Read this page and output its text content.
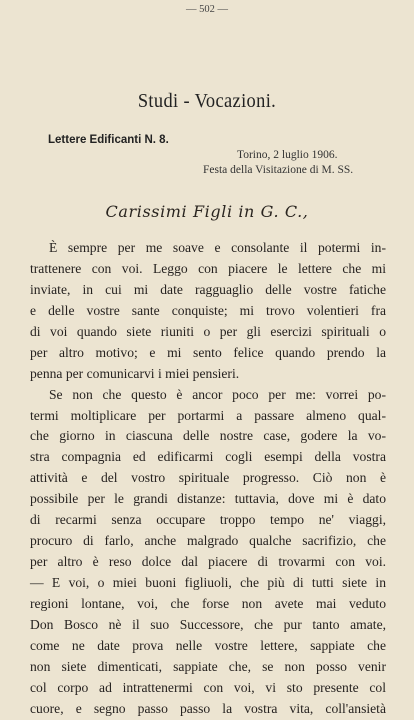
— 502 —
Studi - Vocazioni.
Lettere Edificanti N. 8.
Torino, 2 luglio 1906.
Festa della Visitazione di M. SS.
Carissimi Figli in G. C.,
È sempre per me soave e consolante il potermi in-
trattenere con voi. Leggo con piacere le lettere che mi
inviate, in cui mi date ragguaglio delle vostre fatiche
e delle vostre sante conquiste; mi trovo volentieri fra
di voi quando siete riuniti o per gli esercizi spirituali o
per altro motivo; e mi sento felice quando prendo la
penna per comunicarvi i miei pensieri.
Se non che questo è ancor poco per me: vorrei po-
termi moltiplicare per portarmi a passare almeno qual-
che giorno in ciascuna delle nostre case, godere la vo-
stra compagnia ed edificarmi cogli esempi della vostra
attività e del vostro spirituale progresso. Ciò non è
possibile per le grandi distanze: tuttavia, dove mi è dato
di recarmi senza occupare troppo tempo ne' viaggi,
procuro di farlo, anche malgrado qualche sacrifizio, che
per altro è reso dolce dal piacere di trovarmi con voi.
— E voi, o miei buoni figliuoli, che più di tutti siete in
regioni lontane, voi, che forse non avete mai veduto
Don Bosco nè il suo Successore, che pur tanto amate,
come ne date prova nelle vostre lettere, sappiate che
non siete dimenticati, sappiate che, se non posso venir
col corpo ad intrattenermi con voi, vi sto presente col
cuore, e segno passo passo la vostra vita, coll'ansietà
